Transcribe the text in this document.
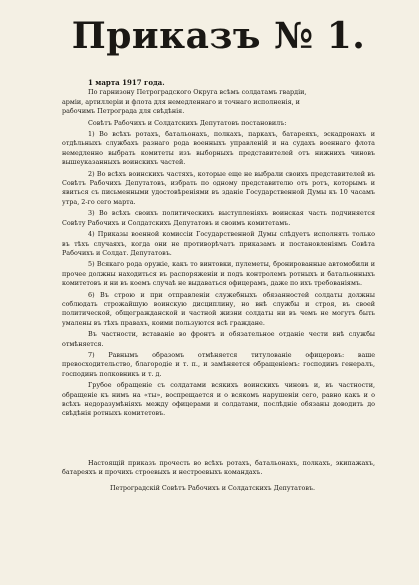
Приказъ № 1.
1 марта 1917 года.
По гарнизону Петроградского Округа всѣмъ солдатамъ гвардіи,
армiи, артиллерiи и флота для немедленнаго и точнаго исполненія, и
рабочимъ Петрограда для свѣдѣнія.

Совѣтъ Рабочихъ и Солдатскихъ Депутатовъ постановилъ:

1) Во всѣхъ ротахъ, батальонахъ, полкахъ, паркахъ, батареяхъ, эскадронахъ и отдѣльныхъ службахъ разнаго рода военныхъ управленій и на судахъ военнаго флота немедленно выбрать комитеты изъ выборныхъ представителей отъ нижнихъ чиновъ вышеуказанныхъ воинскихъ частей.

2) Во всѣхъ воинскихъ частяхъ, которые еще не выбрали своихъ представителей въ Совѣтъ Рабочихъ Депутатовъ, избрать по одному представителю отъ ротъ, которымъ и явиться съ письменными удостовѣреніями въ зданіе Государственной Думы къ 10 часамъ утра, 2-го сего марта.

3) Во всѣхъ своихъ политическихъ выступленіяхъ воинская часть подчиняется Совѣту Рабочихъ и Солдатскихъ Депутатовъ и своимъ комитетамъ.

4) Приказы военной комиссіи Государственной Думы слѣдуетъ исполнять только въ тѣхъ случаяхъ, когда они не противорѣчатъ приказамъ и постановленіямъ Совѣта Рабочихъ и Солдат. Депутатовъ.

5) Всякаго рода оружіе, какъ то винтовки, пулеметы, бронированные автомобили и прочее должны находиться въ распоряженіи и подъ контролемъ ротныхъ и батальонныхъ комитетовъ и ни въ коемъ случаѣ не выдаваться офицерамъ, даже по ихъ требованіямъ.

6) Въ строю и при отправленіи служебныхъ обязанностей солдаты должны соблюдать строжайшую воинскую дисциплину, но внѣ службы и строя, въ своей политической, общегражданской и частной жизни солдаты ни въ чемъ не могутъ быть умалены въ тѣхъ правахъ, коими пользуются всѣ граждане.

Въ частности, вставаніе во фронтъ и обязательное отданіе чести внѣ службы отмѣняется.

7) Равнымъ образомъ отмѣняется титулованіе офицеровъ: ваше превосходительство, благородіе и т. п., и замѣняется обращеніемъ: господинъ генералъ, господинъ полковникъ и т. д.

Грубое обращеніе съ солдатами всякихъ воинскихъ чиновъ и, въ частности, обращеніе къ нимъ на «ты», воспрещается и о всякомъ нарушеніи сего, равно какъ и о всѣхъ недоразумѣніяхъ между офицерами и солдатами, послѣдніе обязаны доводить до свѣдѣнія ротныхъ комитетовъ.

Настоящій приказъ прочесть во всѣхъ ротахъ, батальонахъ, полкахъ, экипажахъ, батареяхъ и прочихъ строевыхъ и нестроевыхъ командахъ.

Петроградскій Совѣтъ Рабочихъ и Солдатскихъ Депутатовъ.
